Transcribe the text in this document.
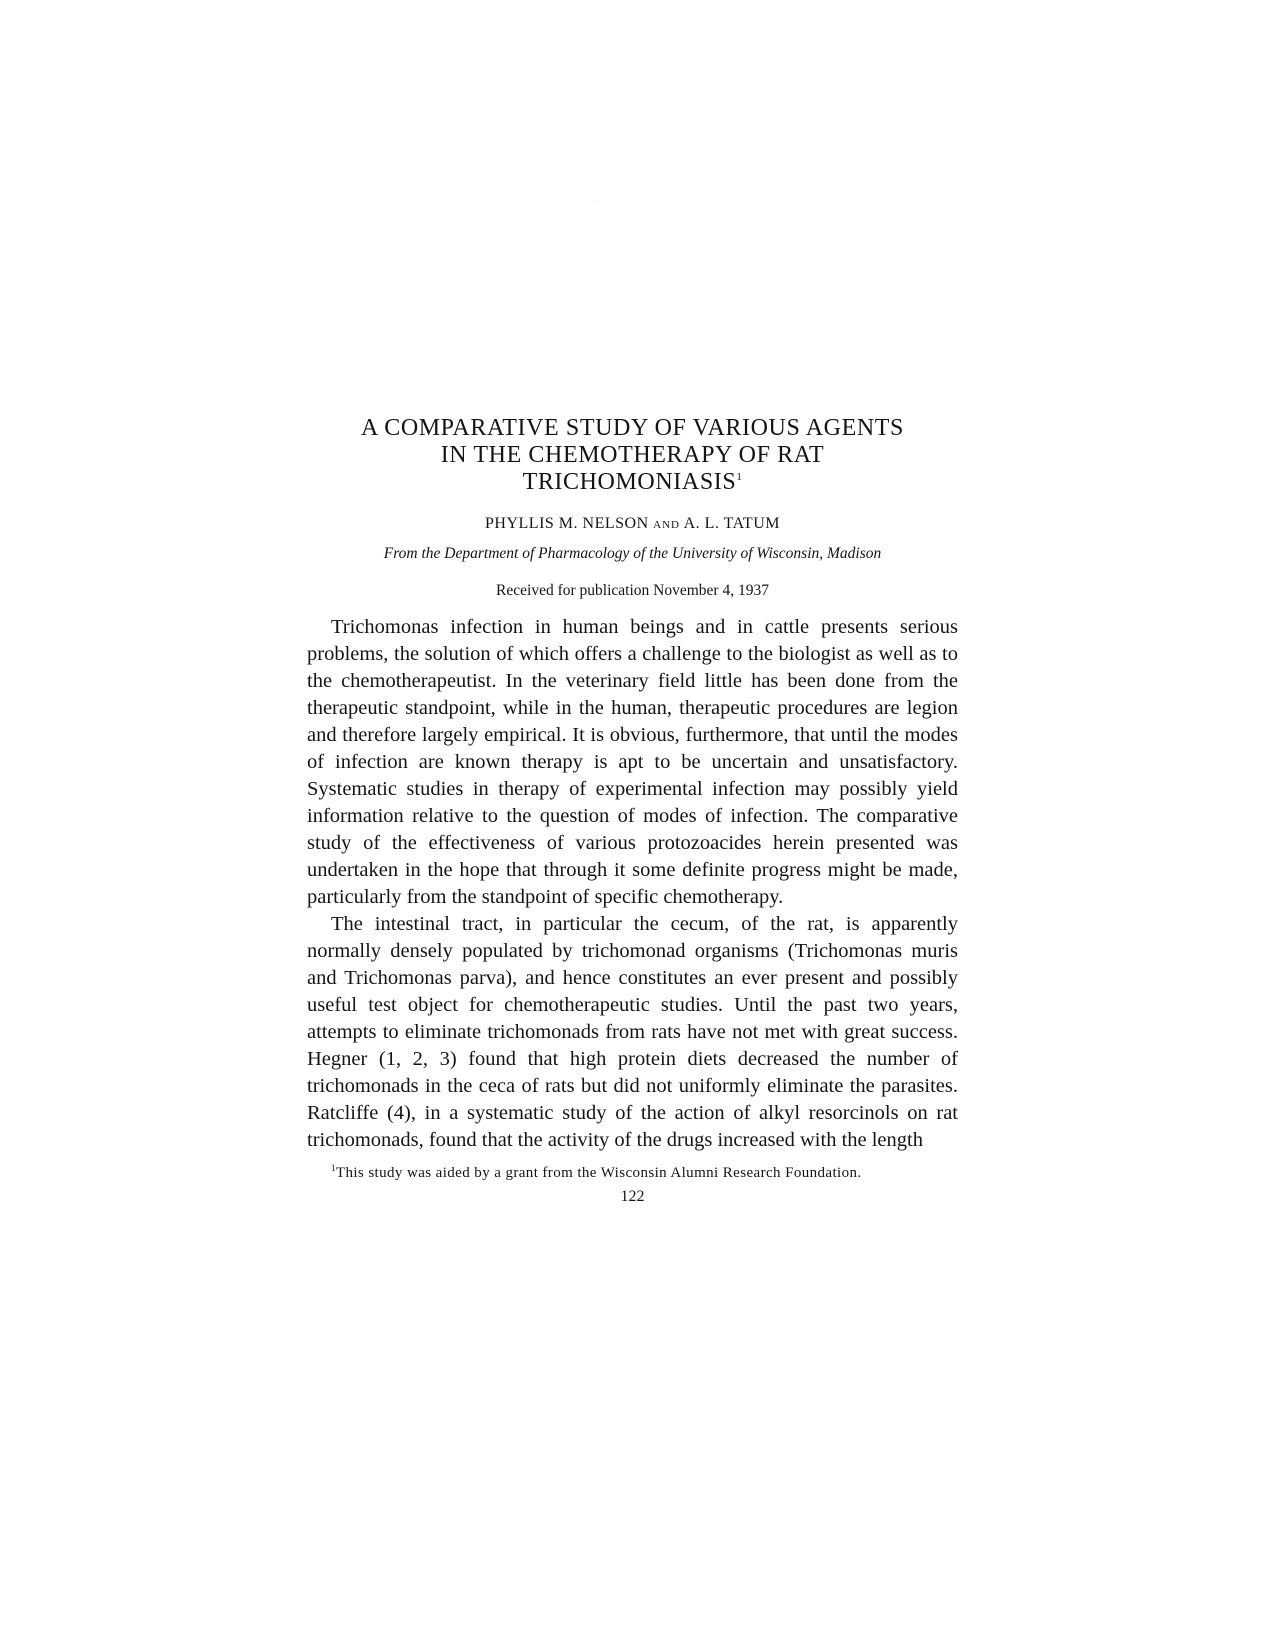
A COMPARATIVE STUDY OF VARIOUS AGENTS
IN THE CHEMOTHERAPY OF RAT
TRICHOMONIASIS$^1$
PHYLLIS M. NELSON AND A. L. TATUM
From the Department of Pharmacology of the University of Wisconsin, Madison
Received for publication November 4, 1937

Trichomonas infection in human beings and in cattle presents serious problems, the solution of which offers a challenge to the biologist as well as to the chemotherapeutist. In the veterinary field little has been done from the therapeutic standpoint, while in the human, therapeutic procedures are legion and therefore largely empirical. It is obvious, furthermore, that until the modes of infection are known therapy is apt to be uncertain and unsatisfactory. Systematic studies in therapy of experimental infection may possibly yield information relative to the question of modes of infection. The comparative study of the effectiveness of various protozoacides herein presented was undertaken in the hope that through it some definite progress might be made, particularly from the standpoint of specific chemotherapy.

The intestinal tract, in particular the cecum, of the rat, is apparently normally densely populated by trichomonad organisms (Trichomonas muris and Trichomonas parva), and hence constitutes an ever present and possibly useful test object for chemotherapeutic studies. Until the past two years, attempts to eliminate trichomonads from rats have not met with great success. Hegner (1, 2, 3) found that high protein diets decreased the number of trichomonads in the ceca of rats but did not uniformly eliminate the parasites. Ratcliffe (4), in a systematic study of the action of alkyl resorcinols on rat trichomonads, found that the activity of the drugs increased with the length

$^1$This study was aided by a grant from the Wisconsin Alumni Research Foundation.
122
